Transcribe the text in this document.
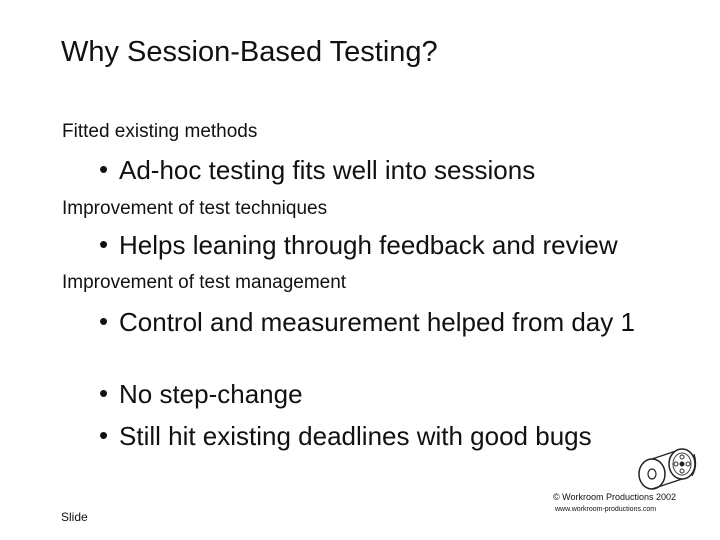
Why Session-Based Testing?
Fitted existing methods
• Ad-hoc testing fits well into sessions
Improvement of test techniques
• Helps leaning through feedback and review
Improvement of test management
• Control and measurement helped from day 1
• No step-change
• Still hit existing deadlines with good bugs
© Workroom Productions 2002
www.workroom-productions.com
Slide
